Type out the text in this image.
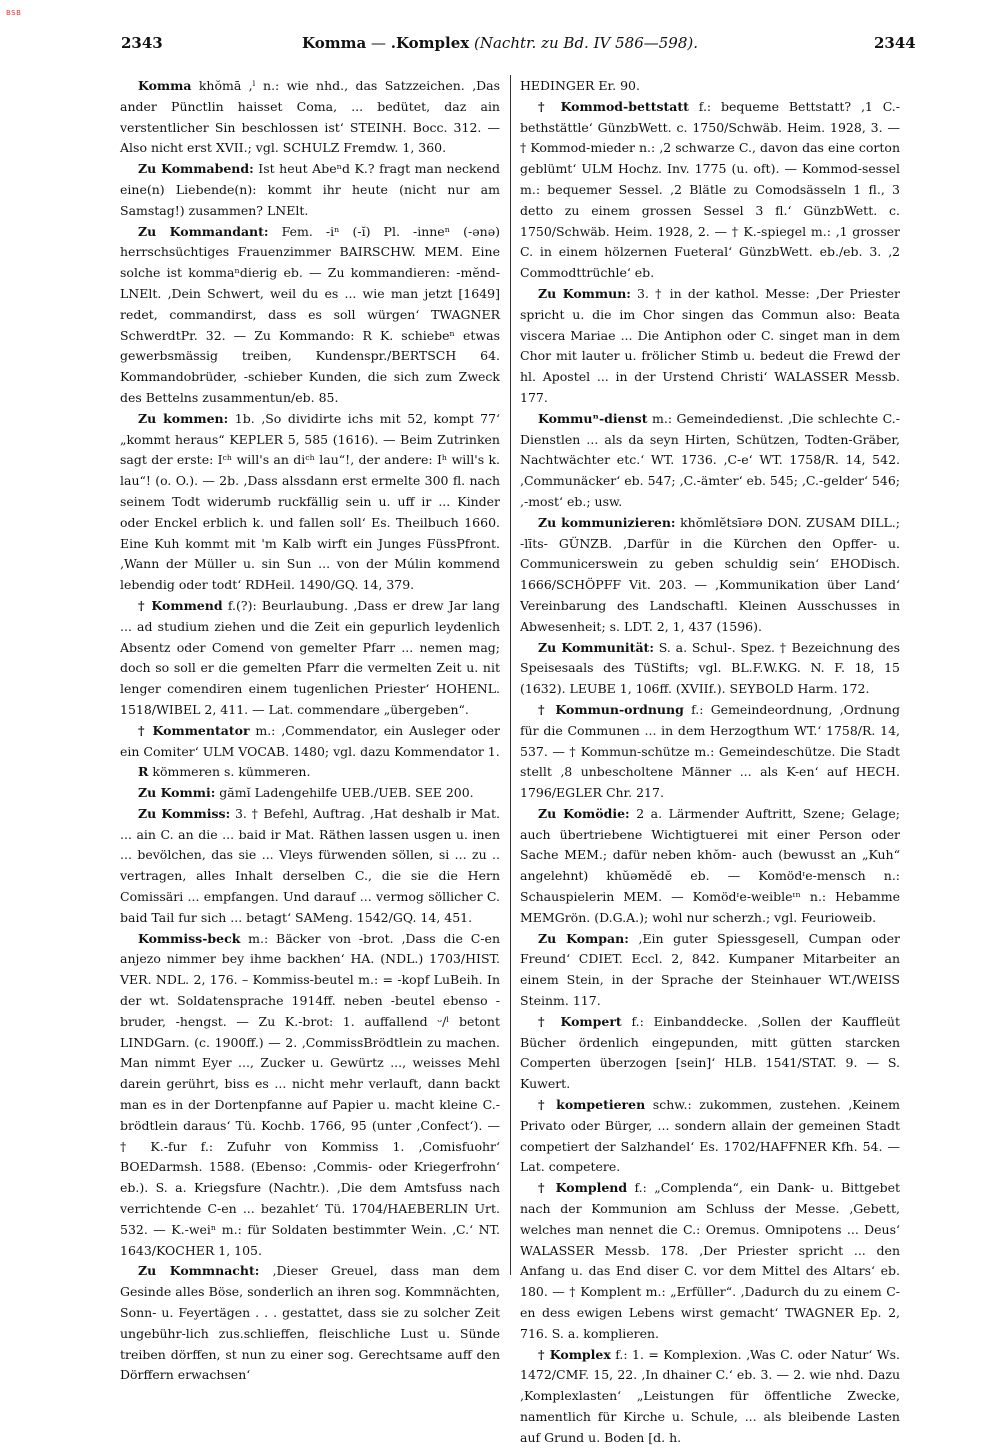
BSB
2343	Komma — .Komplex (Nachtr. zu Bd. IV 586—598).	2344

Komma khŏmā ,ˡ n.: wie nhd., das Satzzeichen. ‚Das ander Pünctlin haisset Coma, ... bedütet, daz ain verstentlicher Sin beschlossen ist‘ STEINH. Bocc. 312. — Also nicht erst XVII.; vgl. SCHULZ Fremdw. 1, 360.

Zu Kommabend: Ist heut Abeⁿd K.? fragt man neckend eine(n) Liebende(n): kommt ihr heute (nicht nur am Samstag!) zusammen? LNElt.

Zu Kommandant: Fem. -iⁿ (-ĭ) Pl. -inneⁿ (-ənə) herrschsüchtiges Frauenzimmer BAIRSCHW. MEM. Eine solche ist kommaⁿdierig eb. — Zu kommandieren: -mĕnd- LNElt. ‚Dein Schwert, weil du es ... wie man jetzt [1649] redet, commandirst, dass es soll würgen‘ TWAGNER SchwerdtPr. 32. — Zu Kommando: R K. schiebeⁿ etwas gewerbsmässig treiben, Kundenspr./BERTSCH 64. Kommandobrüder, -schieber Kunden, die sich zum Zweck des Bettelns zusammentun/eb. 85.

Zu kommen: 1b. ‚So dividirte ichs mit 52, kompt 77‘ „kommt heraus“ KEPLER 5, 585 (1616). — Beim Zutrinken sagt der erste: Iᶜʰ will's an diᶜʰ lau“!, der andere: Iʰ will's k. lau“! (o. O.). — 2b. ‚Dass alssdann erst ermelte 300 fl. nach seinem Todt widerumb ruckfällig sein u. uff ir ... Kinder oder Enckel erblich k. und fallen soll‘ Es. Theilbuch 1660. Eine Kuh kommt mit 'm Kalb wirft ein Junges FüssPfront. ‚Wann der Müller u. sin Sun ... von der Múlin kommend lebendig oder todt‘ RDHeil. 1490/GQ. 14, 379.

† Kommend f.(?): Beurlaubung. ‚Dass er drew Jar lang ... ad studium ziehen und die Zeit ein gepurlich leydenlich Absentz oder Comend von gemelter Pfarr ... nemen mag; doch so soll er die gemelten Pfarr die vermelten Zeit u. nit lenger comendiren einem tugenlichen Priester‘ HOHENL. 1518/WIBEL 2, 411. — Lat. commendare „übergeben“.

† Kommentator m.: ‚Commendator, ein Ausleger oder ein Comiter‘ ULM VOCAB. 1480; vgl. dazu Kommendator 1.

R kömmeren s. kümmeren.

Zu Kommi: gămĭ Ladengehilfe UEB./UEB. SEE 200.

Zu Kommiss: 3. † Befehl, Auftrag. ‚Hat deshalb ir Mat. ... ain C. an die ... baid ir Mat. Räthen lassen usgen u. inen ... bevölchen, das sie ... Vleys fürwenden söllen, si ... zu .. vertragen, alles Inhalt derselben C., die sie die Hern Comissäri ... empfangen. Und darauf ... vermog söllicher C. baid Tail fur sich ... betagt‘ SAMeng. 1542/GQ. 14, 451.

Kommiss-beck m.: Bäcker von -brot. ‚Dass die C-en anjezo nimmer bey ihme backhen‘ HA. (NDL.) 1703/HIST. VER. NDL. 2, 176. – Kommiss-beutel m.: = -kopf LuBeih. In der wt. Soldatensprache 1914ff. neben -beutel ebenso -bruder, -hengst. — Zu K.-brot: 1. auffallend ᵕ/ˡ betont LINDGarn. (c. 1900ff.) — 2. ‚CommissBrödtlein zu machen. Man nimmt Eyer ..., Zucker u. Gewürtz ..., weisses Mehl darein gerührt, biss es ... nicht mehr verlauft, dann backt man es in der Dortenpfanne auf Papier u. macht kleine C.-brödtlein daraus‘ Tü. Kochb. 1766, 95 (unter ‚Confect‘). — † K.-fur f.: Zufuhr von Kommiss 1. ‚Comisfuohr‘ BOEDarmsh. 1588. (Ebenso: ‚Commis- oder Kriegerfrohn‘ eb.). S. a. Kriegsfure (Nachtr.). ‚Die dem Amtsfuss nach verrichtende C-en ... bezahlet‘ Tü. 1704/HAEBERLIN Urt. 532. — K.-weiⁿ m.: für Soldaten bestimmter Wein. ‚C.‘ NT. 1643/KOCHER 1, 105.

Zu Kommnacht: ‚Dieser Greuel, dass man dem Gesinde alles Böse, sonderlich an ihren sog. Kommnächten, Sonn- u. Feyertägen . . . gestattet, dass sie zu solcher Zeit ungebühr-lich zus.schlieffen, fleischliche Lust u. Sünde treiben dörffen, st nun zu einer sog. Gerechtsame auff den Dörffern erwachsen‘

HEDINGER Er. 90.

† Kommod-bettstatt f.: bequeme Bettstatt? ‚1 C.-bethstättle‘ GünzbWett. c. 1750/Schwäb. Heim. 1928, 3. — † Kommod-mieder n.: ‚2 schwarze C., davon das eine corton geblümt‘ ULM Hochz. Inv. 1775 (u. oft). — Kommod-sessel m.: bequemer Sessel. ‚2 Blätle zu Comodsässeln 1 fl., 3 detto zu einem grossen Sessel 3 fl.‘ GünzbWett. c. 1750/Schwäb. Heim. 1928, 2. — † K.-spiegel m.: ‚1 grosser C. in einem hölzernen Fueteral‘ GünzbWett. eb./eb. 3. ‚2 Commodttrüchle‘ eb.

Zu Kommun: 3. † in der kathol. Messe: ‚Der Priester spricht u. die im Chor singen das Commun also: Beata viscera Mariae ... Die Antiphon oder C. singet man in dem Chor mit lauter u. frölicher Stimb u. bedeut die Frewd der hl. Apostel ... in der Urstend Christi‘ WALASSER Messb. 177.

Kommuⁿ-dienst m.: Gemeindedienst. ‚Die schlechte C.-Dienstlen ... als da seyn Hirten, Schützen, Todten-Gräber, Nachtwächter etc.‘ WT. 1736. ‚C-e‘ WT. 1758/R. 14, 542. ‚Communäcker‘ eb. 547; ‚C.-ämter‘ eb. 545; ‚C.-gelder‘ 546; ‚-most‘ eb.; usw.

Zu kommunizieren: khŏmlĕtsīərə DON. ZUSAM DILL.; -līts- GÜNZB. ‚Darfür in die Kürchen den Opffer- u. Communicerswein zu geben schuldig sein‘ EHODisch. 1666/SCHÖPFF Vit. 203. — ‚Kommunikation über Land‘ Vereinbarung des Landschaftl. Kleinen Ausschusses in Abwesenheit; s. LDT. 2, 1, 437 (1596).

Zu Kommunität: S. a. Schul-. Spez. † Bezeichnung des Speisesaals des TüStifts; vgl. BL.F.W.KG. N. F. 18, 15 (1632). LEUBE 1, 106ff. (XVIIf.). SEYBOLD Harm. 172.

† Kommun-ordnung f.: Gemeindeordnung, ‚Ordnung für die Communen ... in dem Herzogthum WT.‘ 1758/R. 14, 537. — † Kommun-schütze m.: Gemeindeschütze. Die Stadt stellt ‚8 unbescholtene Männer ... als K-en‘ auf HECH. 1796/EGLER Chr. 217.

Zu Komödie: 2 a. Lärmender Auftritt, Szene; Gelage; auch übertriebene Wichtigtuerei mit einer Person oder Sache MEM.; dafür neben khŏm- auch (bewusst an „Kuh“ angelehnt) khŭəmĕdĕ eb. — Komödᶦe-mensch n.: Schauspielerin MEM. — Komödᶦe-weibleᶦⁿ n.: Hebamme MEMGrön. (D.G.A.); wohl nur scherzh.; vgl. Feurioweib.

Zu Kompan: ‚Ein guter Spiessgesell, Cumpan oder Freund‘ CDIET. Eccl. 2, 842. Kumpaner Mitarbeiter an einem Stein, in der Sprache der Steinhauer WT./WEISS Steinm. 117.

† Kompert f.: Einbanddecke. ‚Sollen der Kauffleüt Bücher ördenlich eingepunden, mitt gütten starcken Comperten überzogen [sein]‘ HLB. 1541/STAT. 9. — S. Kuwert.

† kompetieren schw.: zukommen, zustehen. ‚Keinem Privato oder Bürger, ... sondern allain der gemeinen Stadt competiert der Salzhandel‘ Es. 1702/HAFFNER Kfh. 54. — Lat. competere.

† Komplend f.: „Complenda“, ein Dank- u. Bittgebet nach der Kommunion am Schluss der Messe. ‚Gebett, welches man nennet die C.: Oremus. Omnipotens ... Deus‘ WALASSER Messb. 178. ‚Der Priester spricht ... den Anfang u. das End diser C. vor dem Mittel des Altars‘ eb. 180. — † Komplent m.: „Erfüller“. ‚Dadurch du zu einem C-en dess ewigen Lebens wirst gemacht‘ TWAGNER Ep. 2, 716. S. a. komplieren.

† Komplex f.: 1. = Komplexion. ‚Was C. oder Natur‘ Ws. 1472/CMF. 15, 22. ‚In dhainer C.‘ eb. 3. — 2. wie nhd. Dazu ‚Komplexlasten‘ „Leistungen für öffentliche Zwecke, namentlich für Kirche u. Schule, ... als bleibende Lasten auf Grund u. Boden [d. h.
